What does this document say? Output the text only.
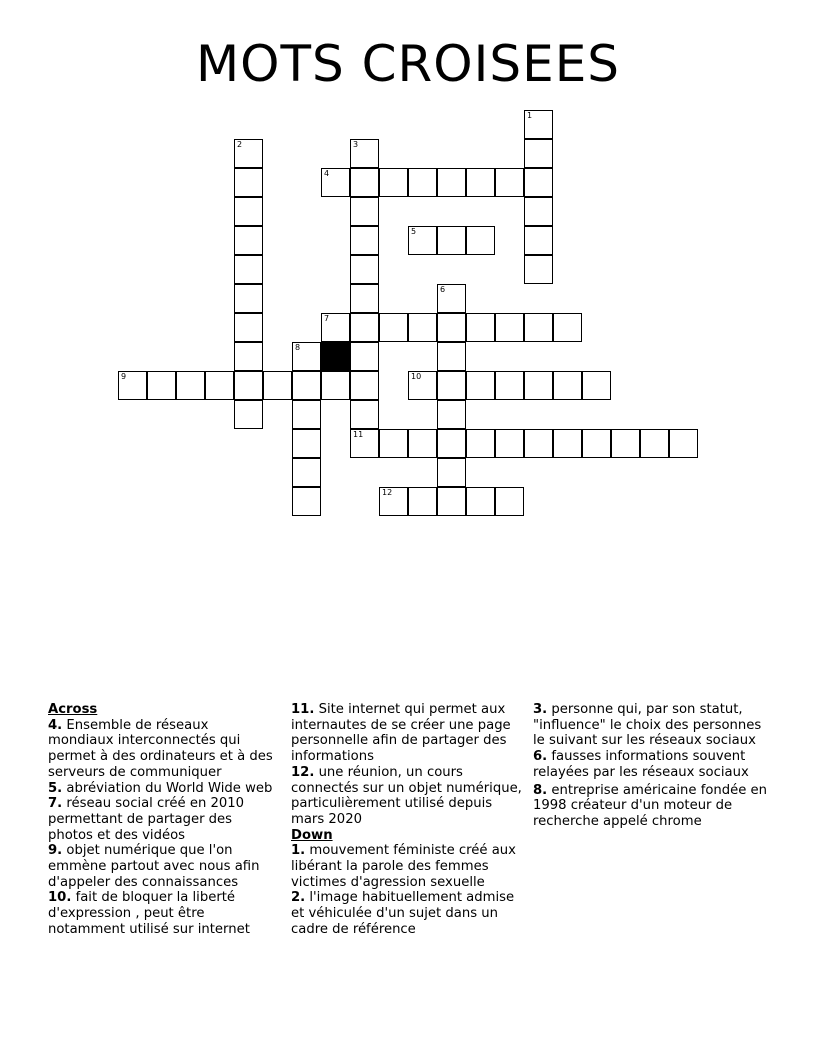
MOTS CROISEES
4
5
7
9	10
11
12
1
2	3
6
8
Across
4. Ensemble de réseaux mondiaux interconnectés qui permet à des ordinateurs et à des serveurs de communiquer
5. abréviation du World Wide web
7. réseau social créé en 2010 permettant de partager des photos et des vidéos
9. objet numérique que l'on emmène partout avec nous afin d'appeler des connaissances
10. fait de bloquer la liberté d'expression , peut être notamment utilisé sur internet
11. Site internet qui permet aux internautes de se créer une page personnelle afin de partager des informations
12. une réunion, un cours connectés sur un objet numérique, particulièrement utilisé depuis mars 2020
Down
1. mouvement féministe créé aux libérant la parole des femmes victimes d'agression sexuelle
2. l'image habituellement admise et véhiculée d'un sujet dans un cadre de référence
3. personne qui, par son statut, "influence" le choix des personnes le suivant sur les réseaux sociaux
6. fausses informations souvent relayées par les réseaux sociaux
8. entreprise américaine fondée en 1998 créateur d'un moteur de recherche appelé chrome
